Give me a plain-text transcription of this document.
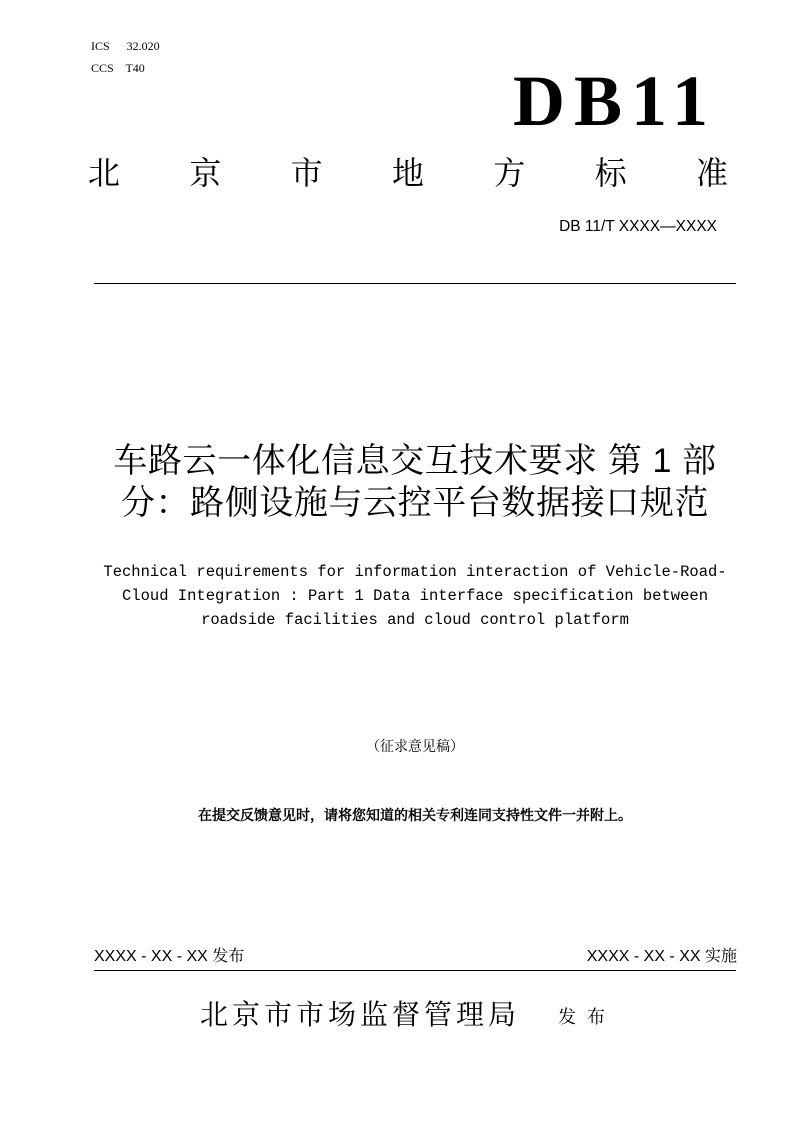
ICS 32.020
CCS T40	DB11
北 京 市 地 方 标 准
DB 11/T XXXX—XXXX
车路云一体化信息交互技术要求 第 1 部
分：路侧设施与云控平台数据接口规范
Technical requirements for information interaction of Vehicle-Road-
Cloud Integration : Part 1 Data interface specification between
roadside facilities and cloud control platform
（征求意见稿）
在提交反馈意见时，请将您知道的相关专利连同支持性文件一并附上。
XXXX - XX - XX 发布	XXXX - XX - XX 实施
北京市市场监督管理局 发 布
